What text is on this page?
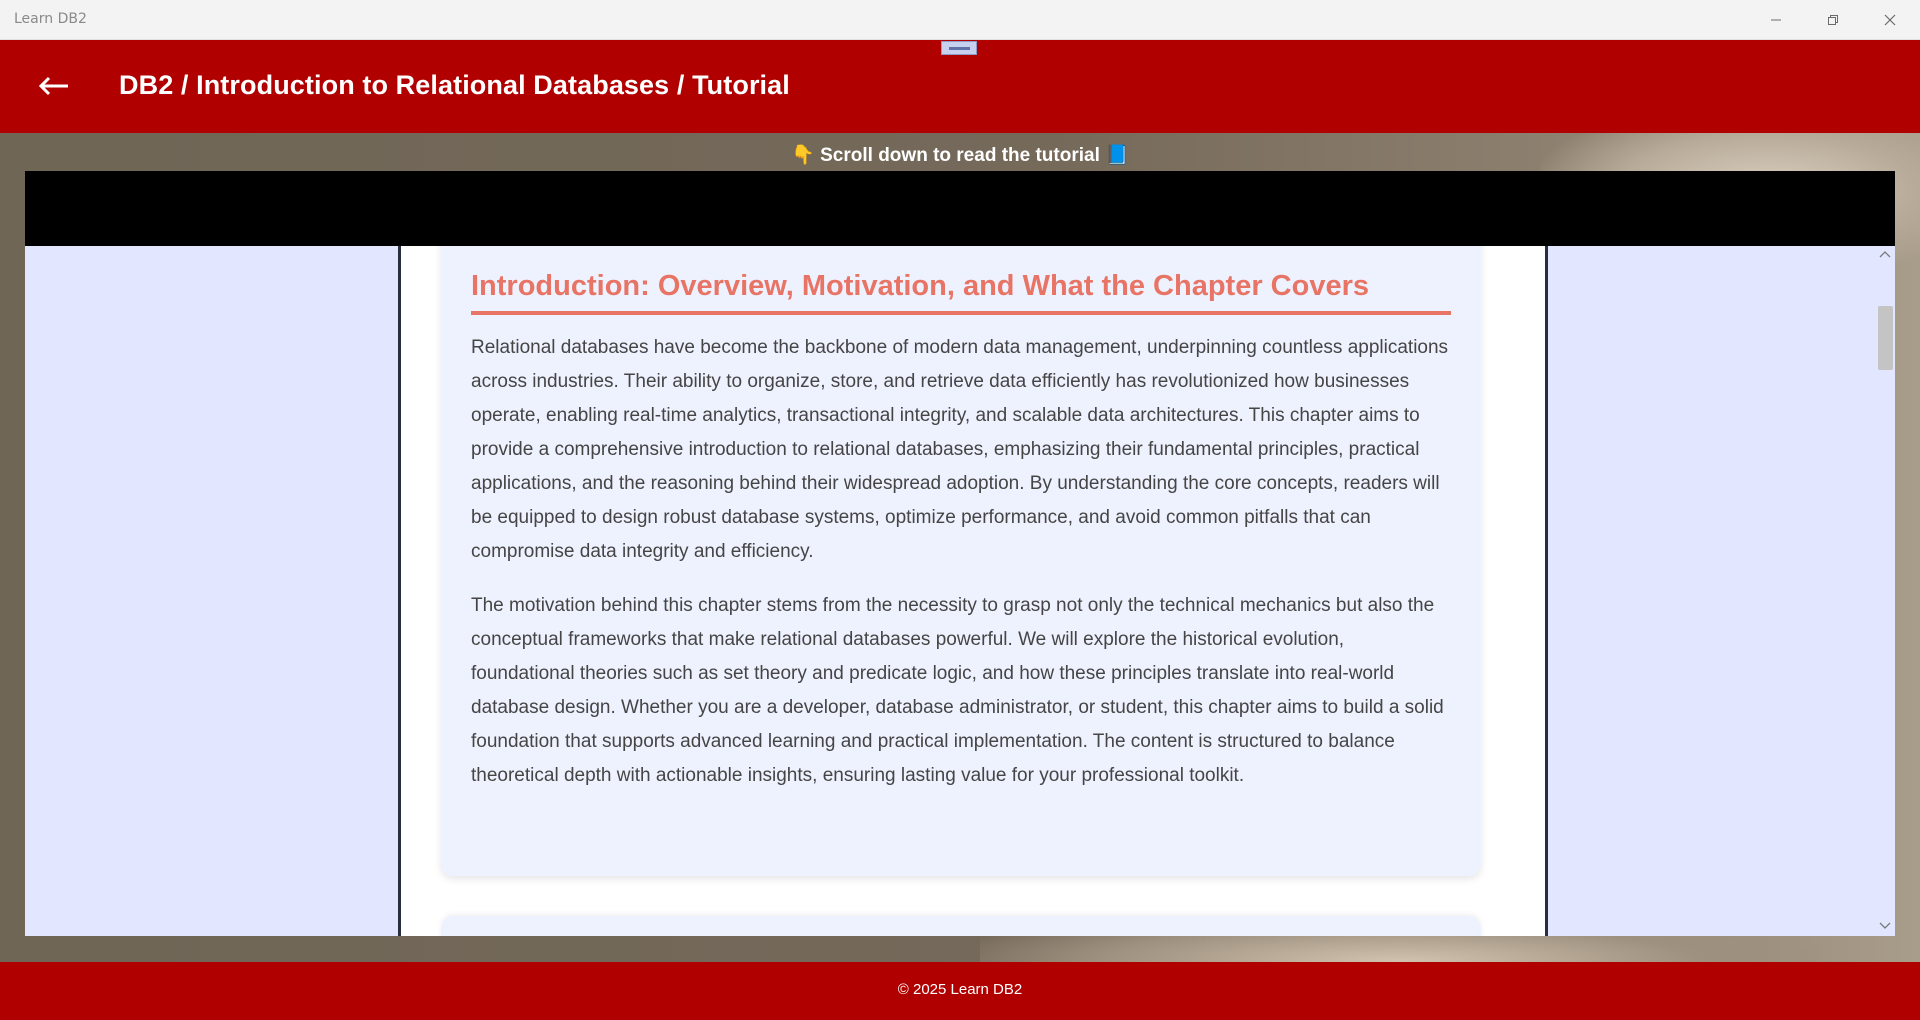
Learn DB2
DB2 / Introduction to Relational Databases / Tutorial
👇 Scroll down to read the tutorial 📘
Introduction: Overview, Motivation, and What the Chapter Covers

Relational databases have become the backbone of modern data management, underpinning countless applications across industries. Their ability to organize, store, and retrieve data efficiently has revolutionized how businesses operate, enabling real-time analytics, transactional integrity, and scalable data architectures. This chapter aims to provide a comprehensive introduction to relational databases, emphasizing their fundamental principles, practical applications, and the reasoning behind their widespread adoption. By understanding the core concepts, readers will be equipped to design robust database systems, optimize performance, and avoid common pitfalls that can compromise data integrity and efficiency.

The motivation behind this chapter stems from the necessity to grasp not only the technical mechanics but also the conceptual frameworks that make relational databases powerful. We will explore the historical evolution, foundational theories such as set theory and predicate logic, and how these principles translate into real-world database design. Whether you are a developer, database administrator, or student, this chapter aims to build a solid foundation that supports advanced learning and practical implementation. The content is structured to balance theoretical depth with actionable insights, ensuring lasting value for your professional toolkit.

© 2025 Learn DB2
